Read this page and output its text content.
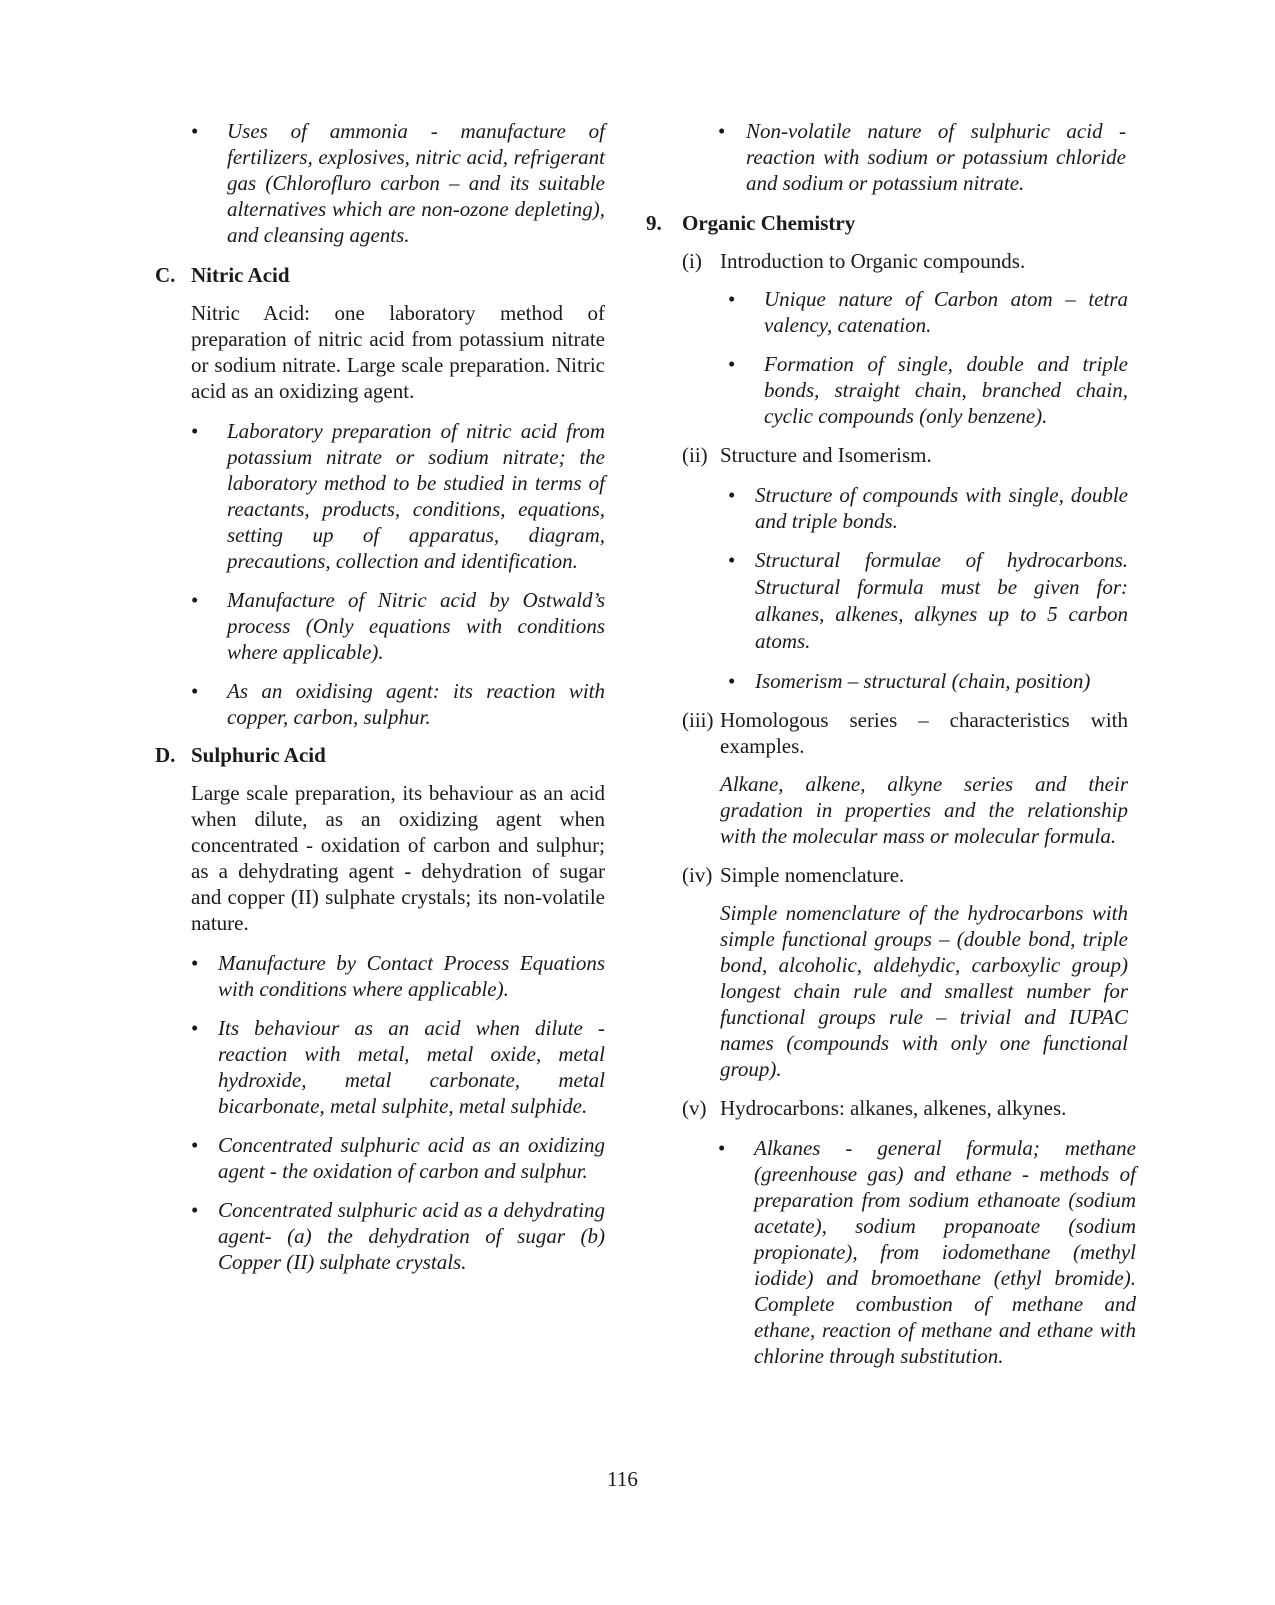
•	Uses of ammonia - manufacture of fertilizers, explosives, nitric acid, refrigerant gas (Chlorofluro carbon – and its suitable alternatives which are non-ozone depleting), and cleansing agents.
C. Nitric Acid
Nitric Acid: one laboratory method of preparation of nitric acid from potassium nitrate or sodium nitrate. Large scale preparation. Nitric acid as an oxidizing agent.
•	Laboratory preparation of nitric acid from potassium nitrate or sodium nitrate; the laboratory method to be studied in terms of reactants, products, conditions, equations, setting up of apparatus, diagram, precautions, collection and identification.
•	Manufacture of Nitric acid by Ostwald’s process (Only equations with conditions where applicable).
•	As an oxidising agent: its reaction with copper, carbon, sulphur.
D. Sulphuric Acid
Large scale preparation, its behaviour as an acid when dilute, as an oxidizing agent when concentrated - oxidation of carbon and sulphur; as a dehydrating agent - dehydration of sugar and copper (II) sulphate crystals; its non-volatile nature.
• Manufacture by Contact Process Equations with conditions where applicable).
• Its behaviour as an acid when dilute - reaction with metal, metal oxide, metal hydroxide, metal carbonate, metal bicarbonate, metal sulphite, metal sulphide.
• Concentrated sulphuric acid as an oxidizing agent - the oxidation of carbon and sulphur.
• Concentrated sulphuric acid as a dehydrating agent- (a) the dehydration of sugar (b) Copper (II) sulphate crystals.
• Non-volatile nature of sulphuric acid - reaction with sodium or potassium chloride and sodium or potassium nitrate.
9. Organic Chemistry
(i) Introduction to Organic compounds.
•	Unique nature of Carbon atom – tetra valency, catenation.
•	Formation of single, double and triple bonds, straight chain, branched chain, cyclic compounds (only benzene).
(ii) Structure and Isomerism.
• Structure of compounds with single, double and triple bonds.
• Structural formulae of hydrocarbons. Structural formula must be given for: alkanes, alkenes, alkynes up to 5 carbon atoms.
• Isomerism – structural (chain, position)
(iii) Homologous series – characteristics with examples.
Alkane, alkene, alkyne series and their gradation in properties and the relationship with the molecular mass or molecular formula.
(iv) Simple nomenclature.
Simple nomenclature of the hydrocarbons with simple functional groups – (double bond, triple bond, alcoholic, aldehydic, carboxylic group) longest chain rule and smallest number for functional groups rule – trivial and IUPAC names (compounds with only one functional group).
(v) Hydrocarbons: alkanes, alkenes, alkynes.
•	Alkanes - general formula; methane (greenhouse gas) and ethane - methods of preparation from sodium ethanoate (sodium acetate), sodium propanoate (sodium propionate), from iodomethane (methyl iodide) and bromoethane (ethyl bromide). Complete combustion of methane and ethane, reaction of methane and ethane with chlorine through substitution.
116
